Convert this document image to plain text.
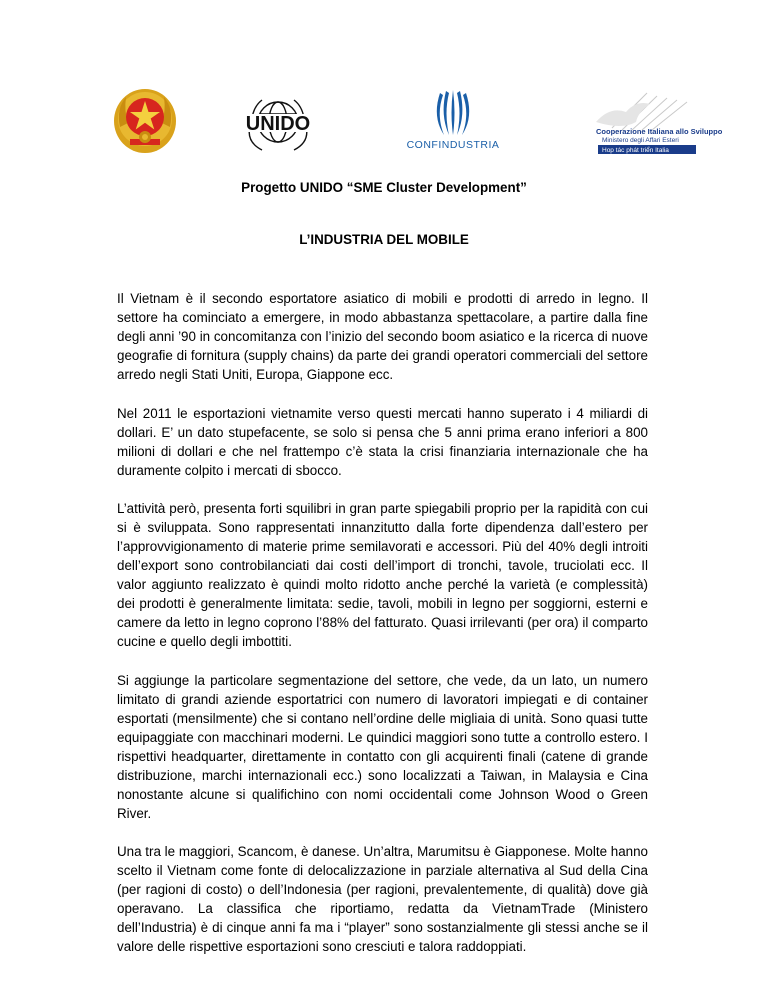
UNIDO
CONFINDUSTRIA
Cooperazione Italiana allo Sviluppo
Ministero degli Affari Esteri
Hop tác phát triển Italia
Progetto UNIDO “SME Cluster Development”
L’INDUSTRIA DEL MOBILE

Il Vietnam è il secondo esportatore asiatico di mobili e prodotti di arredo in legno. Il settore ha cominciato a emergere, in modo abbastanza spettacolare, a partire dalla fine degli anni ’90 in concomitanza con l’inizio del secondo boom asiatico e la ricerca di nuove geografie di fornitura (supply chains) da parte dei grandi operatori commerciali del settore arredo negli Stati Uniti, Europa, Giappone ecc.

Nel 2011 le esportazioni vietnamite verso questi mercati hanno superato i 4 miliardi di dollari. E’ un dato stupefacente, se solo si pensa che 5 anni prima erano inferiori a 800 milioni di dollari e che nel frattempo c’è stata la crisi finanziaria internazionale che ha duramente colpito i mercati di sbocco.

L’attività però, presenta forti squilibri in gran parte spiegabili proprio per la rapidità con cui si è sviluppata. Sono rappresentati innanzitutto dalla forte dipendenza dall’estero per l’approvvigionamento di materie prime semilavorati e accessori. Più del 40% degli introiti dell’export sono controbilanciati dai costi dell’import di tronchi, tavole, truciolati ecc. Il valor aggiunto realizzato è quindi molto ridotto anche perché la varietà (e complessità) dei prodotti è generalmente limitata: sedie, tavoli, mobili in legno per soggiorni, esterni e camere da letto in legno coprono l’88% del fatturato. Quasi irrilevanti (per ora) il comparto cucine e quello degli imbottiti.

Si aggiunge la particolare segmentazione del settore, che vede, da un lato, un numero limitato di grandi aziende esportatrici con numero di lavoratori impiegati e di container esportati (mensilmente) che si contano nell’ordine delle migliaia di unità. Sono quasi tutte equipaggiate con macchinari moderni. Le quindici maggiori sono tutte a controllo estero. I rispettivi headquarter, direttamente in contatto con gli acquirenti finali (catene di grande distribuzione, marchi internazionali ecc.) sono localizzati a Taiwan, in Malaysia e Cina nonostante alcune si qualifichino con nomi occidentali come Johnson Wood o Green River.

Una tra le maggiori, Scancom, è danese. Un’altra, Marumitsu è Giapponese. Molte hanno scelto il Vietnam come fonte di delocalizzazione in parziale alternativa al Sud della Cina (per ragioni di costo) o dell’Indonesia (per ragioni, prevalentemente, di qualità) dove già operavano. La classifica che riportiamo, redatta da VietnamTrade (Ministero dell’Industria) è di cinque anni fa ma i “player” sono sostanzialmente gli stessi anche se il valore delle rispettive esportazioni sono cresciuti e talora raddoppiati.
